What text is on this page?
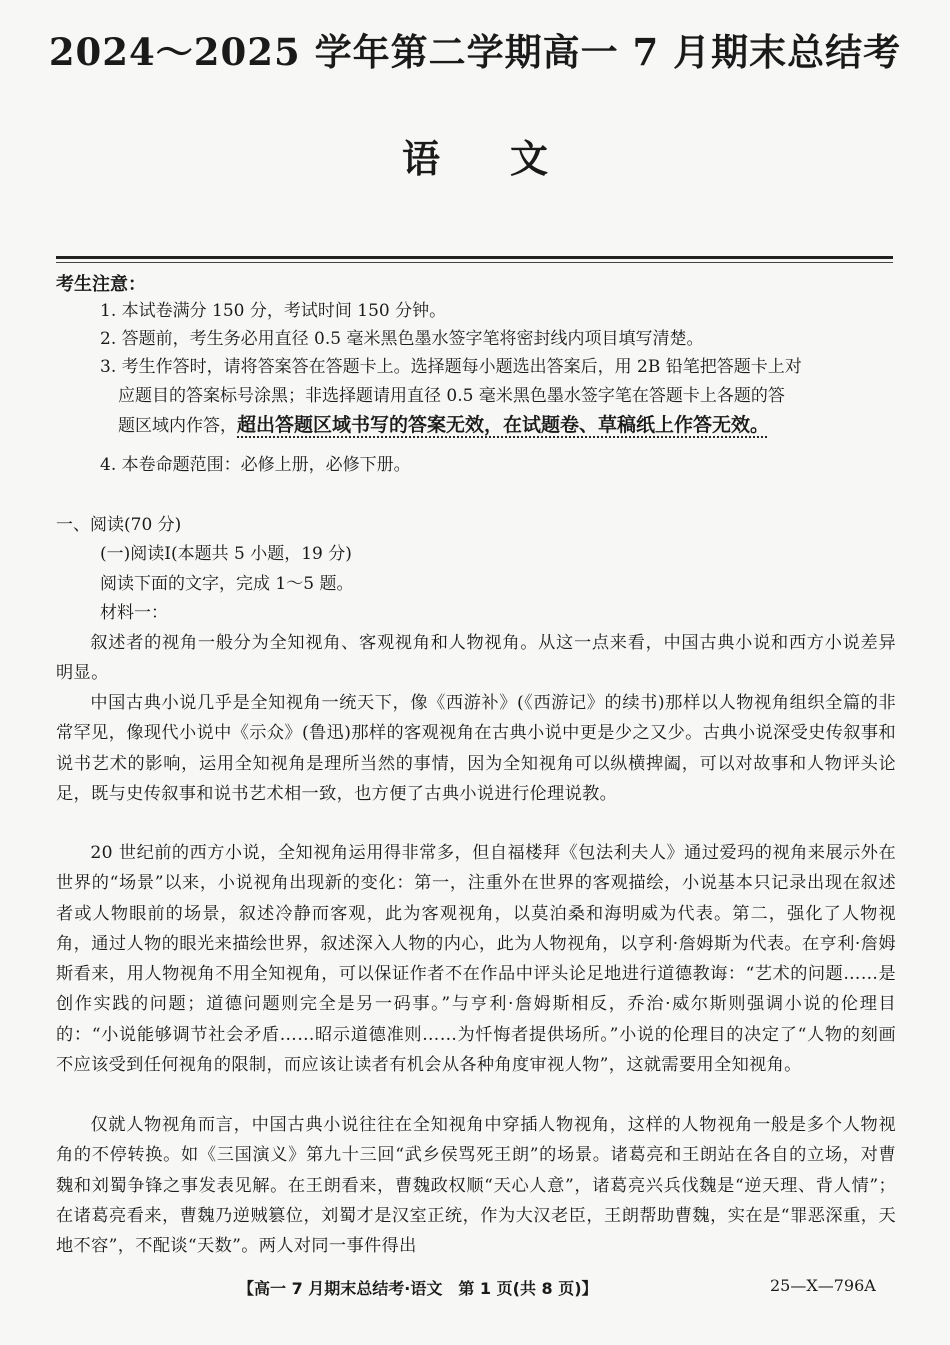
2024～2025 学年第二学期高一 7 月期末总结考
语文
考生注意：
1. 本试卷满分 150 分，考试时间 150 分钟。
2. 答题前，考生务必用直径 0.5 毫米黑色墨水签字笔将密封线内项目填写清楚。
3. 考生作答时，请将答案答在答题卡上。选择题每小题选出答案后，用 2B 铅笔把答题卡上对
应题目的答案标号涂黑；非选择题请用直径 0.5 毫米黑色墨水签字笔在答题卡上各题的答
题区域内作答，超出答题区域书写的答案无效，在试题卷、草稿纸上作答无效。
4. 本卷命题范围：必修上册，必修下册。
一、阅读(70 分)
(一)阅读Ⅰ(本题共 5 小题，19 分)
阅读下面的文字，完成 1～5 题。
材料一：
叙述者的视角一般分为全知视角、客观视角和人物视角。从这一点来看，中国古典小说和西方小说差异明显。
中国古典小说几乎是全知视角一统天下，像《西游补》(《西游记》的续书)那样以人物视角组织全篇的非常罕见，像现代小说中《示众》(鲁迅)那样的客观视角在古典小说中更是少之又少。古典小说深受史传叙事和说书艺术的影响，运用全知视角是理所当然的事情，因为全知视角可以纵横捭阖，可以对故事和人物评头论足，既与史传叙事和说书艺术相一致，也方便了古典小说进行伦理说教。
20 世纪前的西方小说，全知视角运用得非常多，但自福楼拜《包法利夫人》通过爱玛的视角来展示外在世界的“场景”以来，小说视角出现新的变化：第一，注重外在世界的客观描绘，小说基本只记录出现在叙述者或人物眼前的场景，叙述冷静而客观，此为客观视角，以莫泊桑和海明威为代表。第二，强化了人物视角，通过人物的眼光来描绘世界，叙述深入人物的内心，此为人物视角，以亨利·詹姆斯为代表。在亨利·詹姆斯看来，用人物视角不用全知视角，可以保证作者不在作品中评头论足地进行道德教诲：“艺术的问题……是创作实践的问题；道德问题则完全是另一码事。”与亨利·詹姆斯相反，乔治·威尔斯则强调小说的伦理目的：“小说能够调节社会矛盾……昭示道德准则……为忏悔者提供场所。”小说的伦理目的决定了“人物的刻画不应该受到任何视角的限制，而应该让读者有机会从各种角度审视人物”，这就需要用全知视角。
仅就人物视角而言，中国古典小说往往在全知视角中穿插人物视角，这样的人物视角一般是多个人物视角的不停转换。如《三国演义》第九十三回“武乡侯骂死王朗”的场景。诸葛亮和王朗站在各自的立场，对曹魏和刘蜀争锋之事发表见解。在王朗看来，曹魏政权顺“天心人意”，诸葛亮兴兵伐魏是“逆天理、背人情”；在诸葛亮看来，曹魏乃逆贼篡位，刘蜀才是汉室正统，作为大汉老臣，王朗帮助曹魏，实在是“罪恶深重，天地不容”，不配谈“天数”。两人对同一事件得出
【高一 7 月期末总结考·语文　第 1 页(共 8 页)】	25—X—796A
